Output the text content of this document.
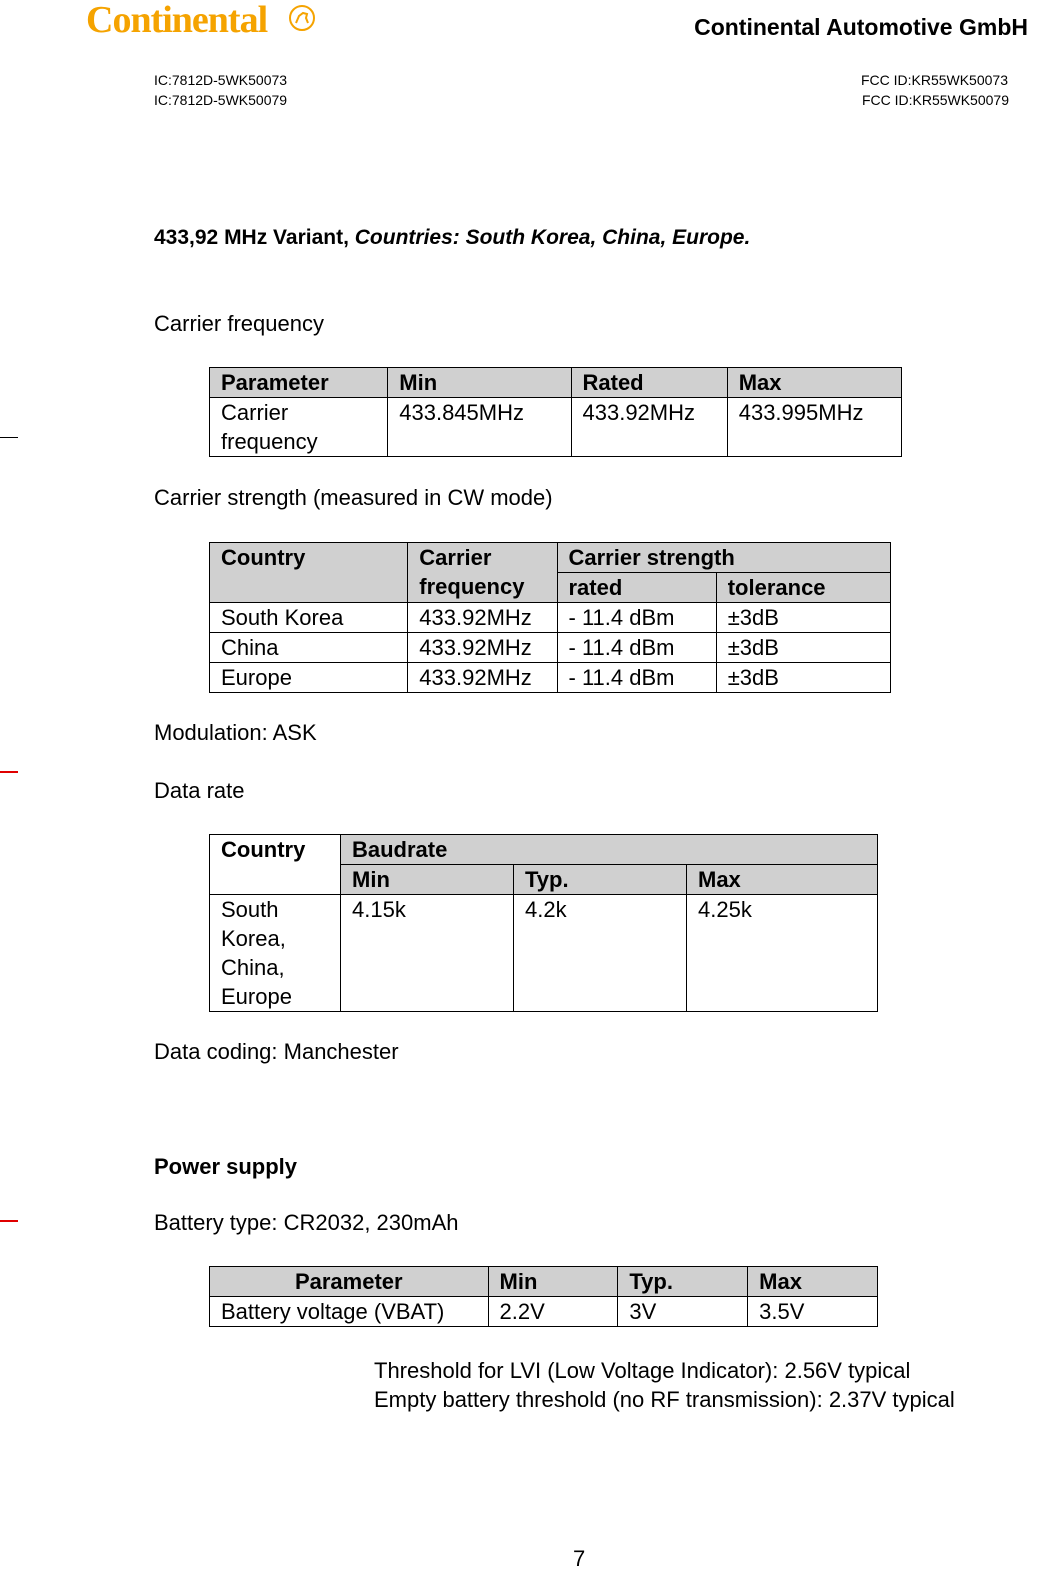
Continental	Continental Automotive GmbH
IC:7812D-5WK50073
IC:7812D-5WK50079
FCC ID:KR55WK50073
FCC ID:KR55WK50079
433,92 MHz Variant, Countries: South Korea, China, Europe.
Carrier frequency
Parameter	Min	Rated	Max
Carrier frequency	433.845MHz	433.92MHz	433.995MHz
Carrier strength (measured in CW mode)
Country	Carrier frequency	Carrier strength	
		rated	tolerance
South Korea	433.92MHz	- 11.4 dBm	±3dB
China	433.92MHz	- 11.4 dBm	±3dB
Europe	433.92MHz	- 11.4 dBm	±3dB
Modulation: ASK
Data rate
Country	Baudrate		
	Min	Typ.	Max
South Korea, China, Europe	4.15k	4.2k	4.25k
Data coding: Manchester
Power supply
Battery type: CR2032, 230mAh
Parameter	Min	Typ.	Max
Battery voltage (VBAT)	2.2V	3V	3.5V
Threshold for LVI (Low Voltage Indicator): 2.56V typical
Empty battery threshold (no RF transmission): 2.37V typical
7
